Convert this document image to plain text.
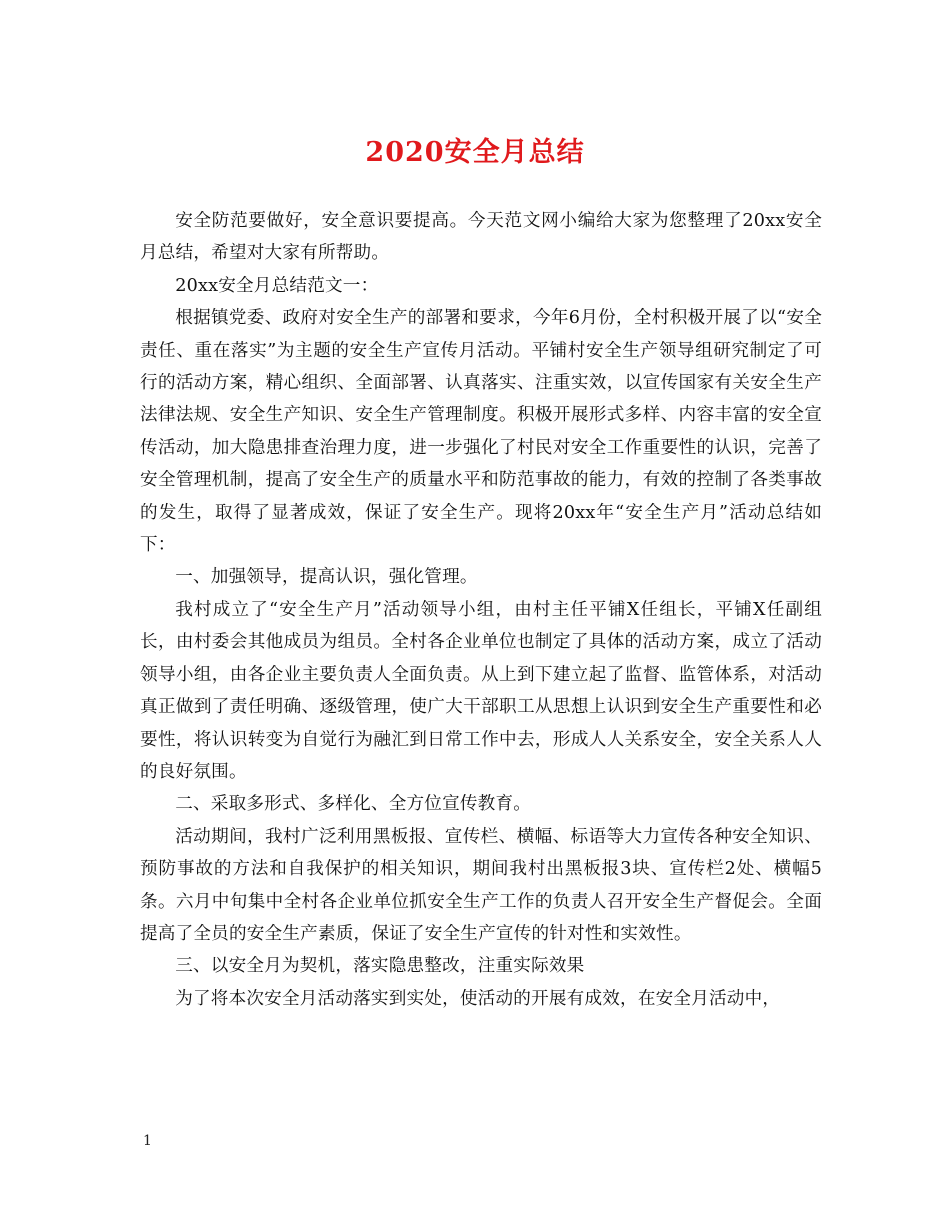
2020安全月总结

安全防范要做好，安全意识要提高。今天范文网小编给大家为您整理了20xx安全月总结，希望对大家有所帮助。

20xx安全月总结范文一：

根据镇党委、政府对安全生产的部署和要求，今年6月份，全村积极开展了以“安全责任、重在落实”为主题的安全生产宣传月活动。平铺村安全生产领导组研究制定了可行的活动方案，精心组织、全面部署、认真落实、注重实效，以宣传国家有关安全生产法律法规、安全生产知识、安全生产管理制度。积极开展形式多样、内容丰富的安全宣传活动，加大隐患排查治理力度，进一步强化了村民对安全工作重要性的认识，完善了安全管理机制，提高了安全生产的质量水平和防范事故的能力，有效的控制了各类事故的发生，取得了显著成效，保证了安全生产。现将20xx年“安全生产月”活动总结如下：

一、加强领导，提高认识，强化管理。

我村成立了“安全生产月”活动领导小组，由村主任平铺X任组长，平铺X任副组长，由村委会其他成员为组员。全村各企业单位也制定了具体的活动方案，成立了活动领导小组，由各企业主要负责人全面负责。从上到下建立起了监督、监管体系，对活动真正做到了责任明确、逐级管理，使广大干部职工从思想上认识到安全生产重要性和必要性，将认识转变为自觉行为融汇到日常工作中去，形成人人关系安全，安全关系人人的良好氛围。

二、采取多形式、多样化、全方位宣传教育。

活动期间，我村广泛利用黑板报、宣传栏、横幅、标语等大力宣传各种安全知识、预防事故的方法和自我保护的相关知识，期间我村出黑板报3块、宣传栏2处、横幅5条。六月中旬集中全村各企业单位抓安全生产工作的负责人召开安全生产督促会。全面提高了全员的安全生产素质，保证了安全生产宣传的针对性和实效性。

三、以安全月为契机，落实隐患整改，注重实际效果

为了将本次安全月活动落实到实处，使活动的开展有成效，在安全月活动中，

1
